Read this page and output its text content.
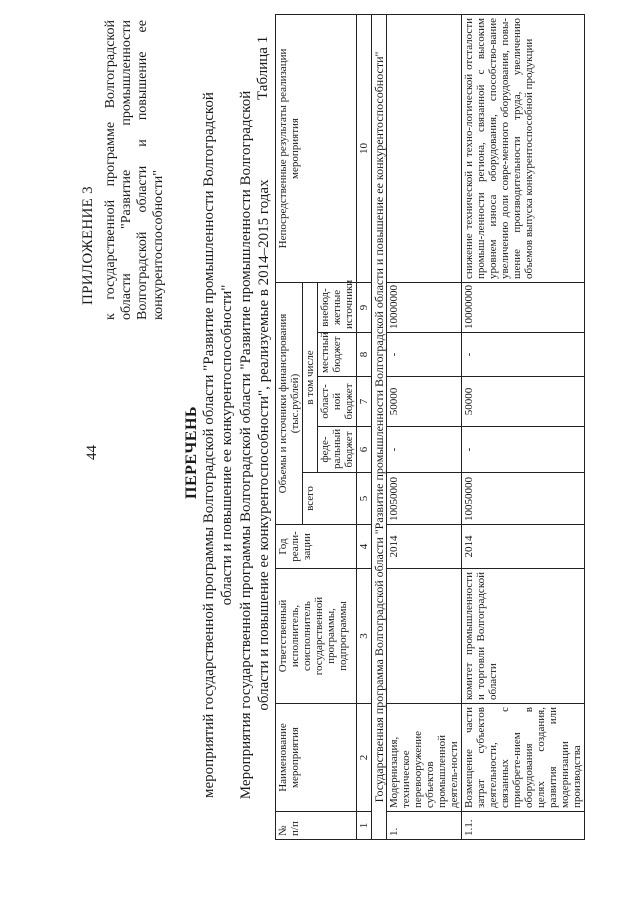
44
ПРИЛОЖЕНИЕ 3 к государственной программе Волгоградской области "Развитие промышленности Волгоградской области и повышение ее конкурентоспособности"
ПЕРЕЧЕНЬ мероприятий государственной программы Волгоградской области "Развитие промышленности Волгоградской области и повышение ее конкурентоспособности" Мероприятия государственной программы Волгоградской области "Развитие промышленности Волгоградской области и повышение ее конкурентоспособности", реализуемые в 2014–2015 годах
Таблица 1
№ п/п	Наименование мероприятия	Ответственный исполнитель, соисполнитель государственной программы, подпрограммы	Год реали-зации	Объемы и источники финансирования (тыс.рублей)					Непосредственные результаты реализации мероприятия
				всего	в том числе				
					феде-ральный бюджет	област-ной бюджет	местный бюджет	внебюд-жетные источники	
1	2	3	4	5	6	7	8	9	10
Государственная программа Волгоградской области "Развитие промышленности Волгоградской области и повышение ее конкурентоспособности"									
1.	Модернизация, техническое перевооружение субъектов промышленной деятель-ности		2014	10050000	-	50000	-	10000000	
1.1.	Возмещение части затрат субъектов деятельности, связанных с приобрете-нием оборудования в целях создания, развития или модернизации производства	комитет промышленности и торговли Волгоградской области	2014	10050000	-	50000	-	10000000	снижение технической и техно-логической отсталости промыш-ленности региона, связанной с высоким уровнем износа оборудования, способство-вание увеличению доли совре-менного оборудования, повы-шение производительности труда, увеличению объемов выпуска конкурентоспособной продукции
